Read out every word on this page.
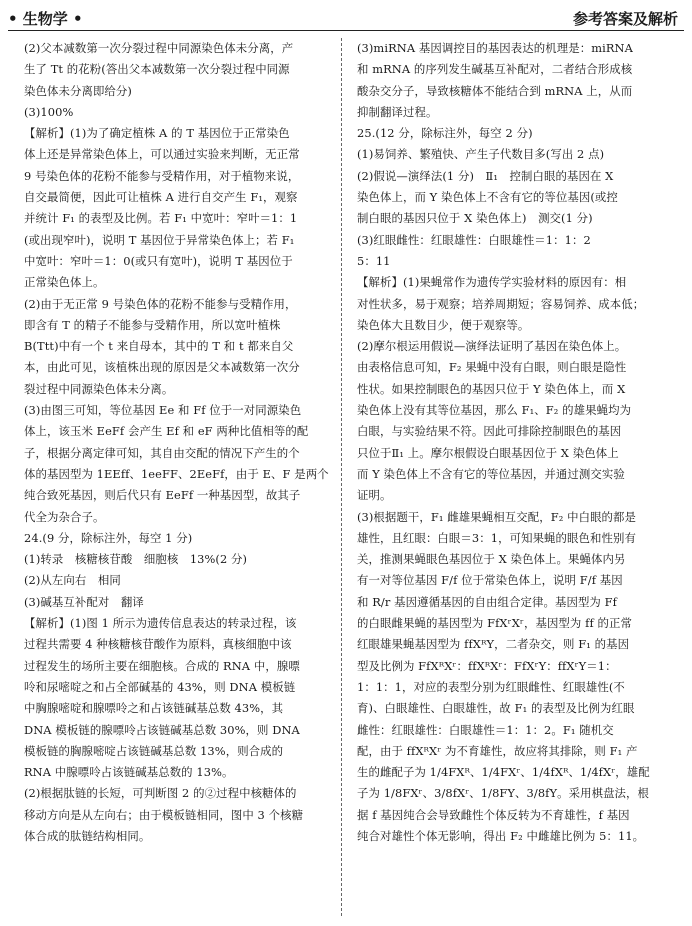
• 生物学 •	参考答案及解析
(2)父本减数第一次分裂过程中同源染色体未分离，产
生了 Tt 的花粉(答出父本减数第一次分裂过程中同源
染色体未分离即给分)
(3)100%
【解析】(1)为了确定植株 A 的 T 基因位于正常染色
体上还是异常染色体上，可以通过实验来判断，无正常
9 号染色体的花粉不能参与受精作用，对于植物来说，
自交最简便，因此可让植株 A 进行自交产生 F₁，观察
并统计 F₁ 的表型及比例。若 F₁ 中宽叶：窄叶＝1：1
(或出现窄叶)，说明 T 基因位于异常染色体上；若 F₁
中宽叶：窄叶＝1：0(或只有宽叶)，说明 T 基因位于
正常染色体上。
(2)由于无正常 9 号染色体的花粉不能参与受精作用，
即含有 T 的精子不能参与受精作用，所以宽叶植株
B(Ttt)中有一个 t 来自母本，其中的 T 和 t 都来自父
本，由此可见，该植株出现的原因是父本减数第一次分
裂过程中同源染色体未分离。
(3)由图三可知，等位基因 Ee 和 Ff 位于一对同源染色
体上，该玉米 EeFf 会产生 Ef 和 eF 两种比值相等的配
子，根据分离定律可知，其自由交配的情况下产生的个
体的基因型为 1EEff、1eeFF、2EeFf，由于 E、F 是两个
纯合致死基因，则后代只有 EeFf 一种基因型，故其子
代全为杂合子。
24.(9 分，除标注外，每空 1 分)
(1)转录　核糖核苷酸　细胞核　13%(2 分)
(2)从左向右　相同
(3)碱基互补配对　翻译
【解析】(1)图 1 所示为遗传信息表达的转录过程，该
过程共需要 4 种核糖核苷酸作为原料，真核细胞中该
过程发生的场所主要在细胞核。合成的 RNA 中，腺嘌
呤和尿嘧啶之和占全部碱基的 43%，则 DNA 模板链
中胸腺嘧啶和腺嘌呤之和占该链碱基总数 43%，其
DNA 模板链的腺嘌呤占该链碱基总数 30%，则 DNA
模板链的胸腺嘧啶占该链碱基总数 13%，则合成的
RNA 中腺嘌呤占该链碱基总数的 13%。
(2)根据肽链的长短，可判断图 2 的②过程中核糖体的
移动方向是从左向右；由于模板链相同，图中 3 个核糖
体合成的肽链结构相同。
(3)miRNA 基因调控目的基因表达的机理是：miRNA
和 mRNA 的序列发生碱基互补配对，二者结合形成核
酸杂交分子，导致核糖体不能结合到 mRNA 上，从而
抑制翻译过程。
25.(12 分，除标注外，每空 2 分)
(1)易饲养、繁殖快、产生子代数目多(写出 2 点)
(2)假说—演绎法(1 分)　Ⅱ₁　控制白眼的基因在 X
染色体上，而 Y 染色体上不含有它的等位基因(或控
制白眼的基因只位于 X 染色体上)　测交(1 分)
(3)红眼雌性：红眼雄性：白眼雄性＝1：1：2
5：11
【解析】(1)果蝇常作为遗传学实验材料的原因有：相
对性状多，易于观察；培养周期短；容易饲养、成本低；
染色体大且数目少，便于观察等。
(2)摩尔根运用假说—演绎法证明了基因在染色体上。
由表格信息可知，F₂ 果蝇中没有白眼，则白眼是隐性
性状。如果控制眼色的基因只位于 Y 染色体上，而 X
染色体上没有其等位基因，那么 F₁、F₂ 的雄果蝇均为
白眼，与实验结果不符。因此可排除控制眼色的基因
只位于Ⅱ₁ 上。摩尔根假设白眼基因位于 X 染色体上
而 Y 染色体上不含有它的等位基因，并通过测交实验
证明。
(3)根据题干，F₁ 雌雄果蝇相互交配，F₂ 中白眼的都是
雄性，且红眼：白眼＝3：1，可知果蝇的眼色和性别有
关，推测果蝇眼色基因位于 X 染色体上。果蝇体内另
有一对等位基因 F/f 位于常染色体上，说明 F/f 基因
和 R/r 基因遵循基因的自由组合定律。基因型为 Ff
的白眼雌果蝇的基因型为 FfXʳXʳ，基因型为 ff 的正常
红眼雄果蝇基因型为 ffXᴿY，二者杂交，则 F₁ 的基因
型及比例为 FfXᴿXʳ：ffXᴿXʳ：FfXʳY：ffXʳY＝1：
1：1：1，对应的表型分别为红眼雌性、红眼雄性(不
育)、白眼雄性、白眼雄性，故 F₁ 的表型及比例为红眼
雌性：红眼雄性：白眼雄性＝1：1：2。F₁ 随机交
配，由于 ffXᴿXʳ 为不育雄性，故应将其排除，则 F₁ 产
生的雌配子为 1/4FXᴿ、1/4FXʳ、1/4fXᴿ、1/4fXʳ，雄配
子为 1/8FXʳ、3/8fXʳ、1/8FY、3/8fY。采用棋盘法，根
据 f 基因纯合会导致雌性个体反转为不育雄性，f 基因
纯合对雄性个体无影响，得出 F₂ 中雌雄比例为 5：11。
